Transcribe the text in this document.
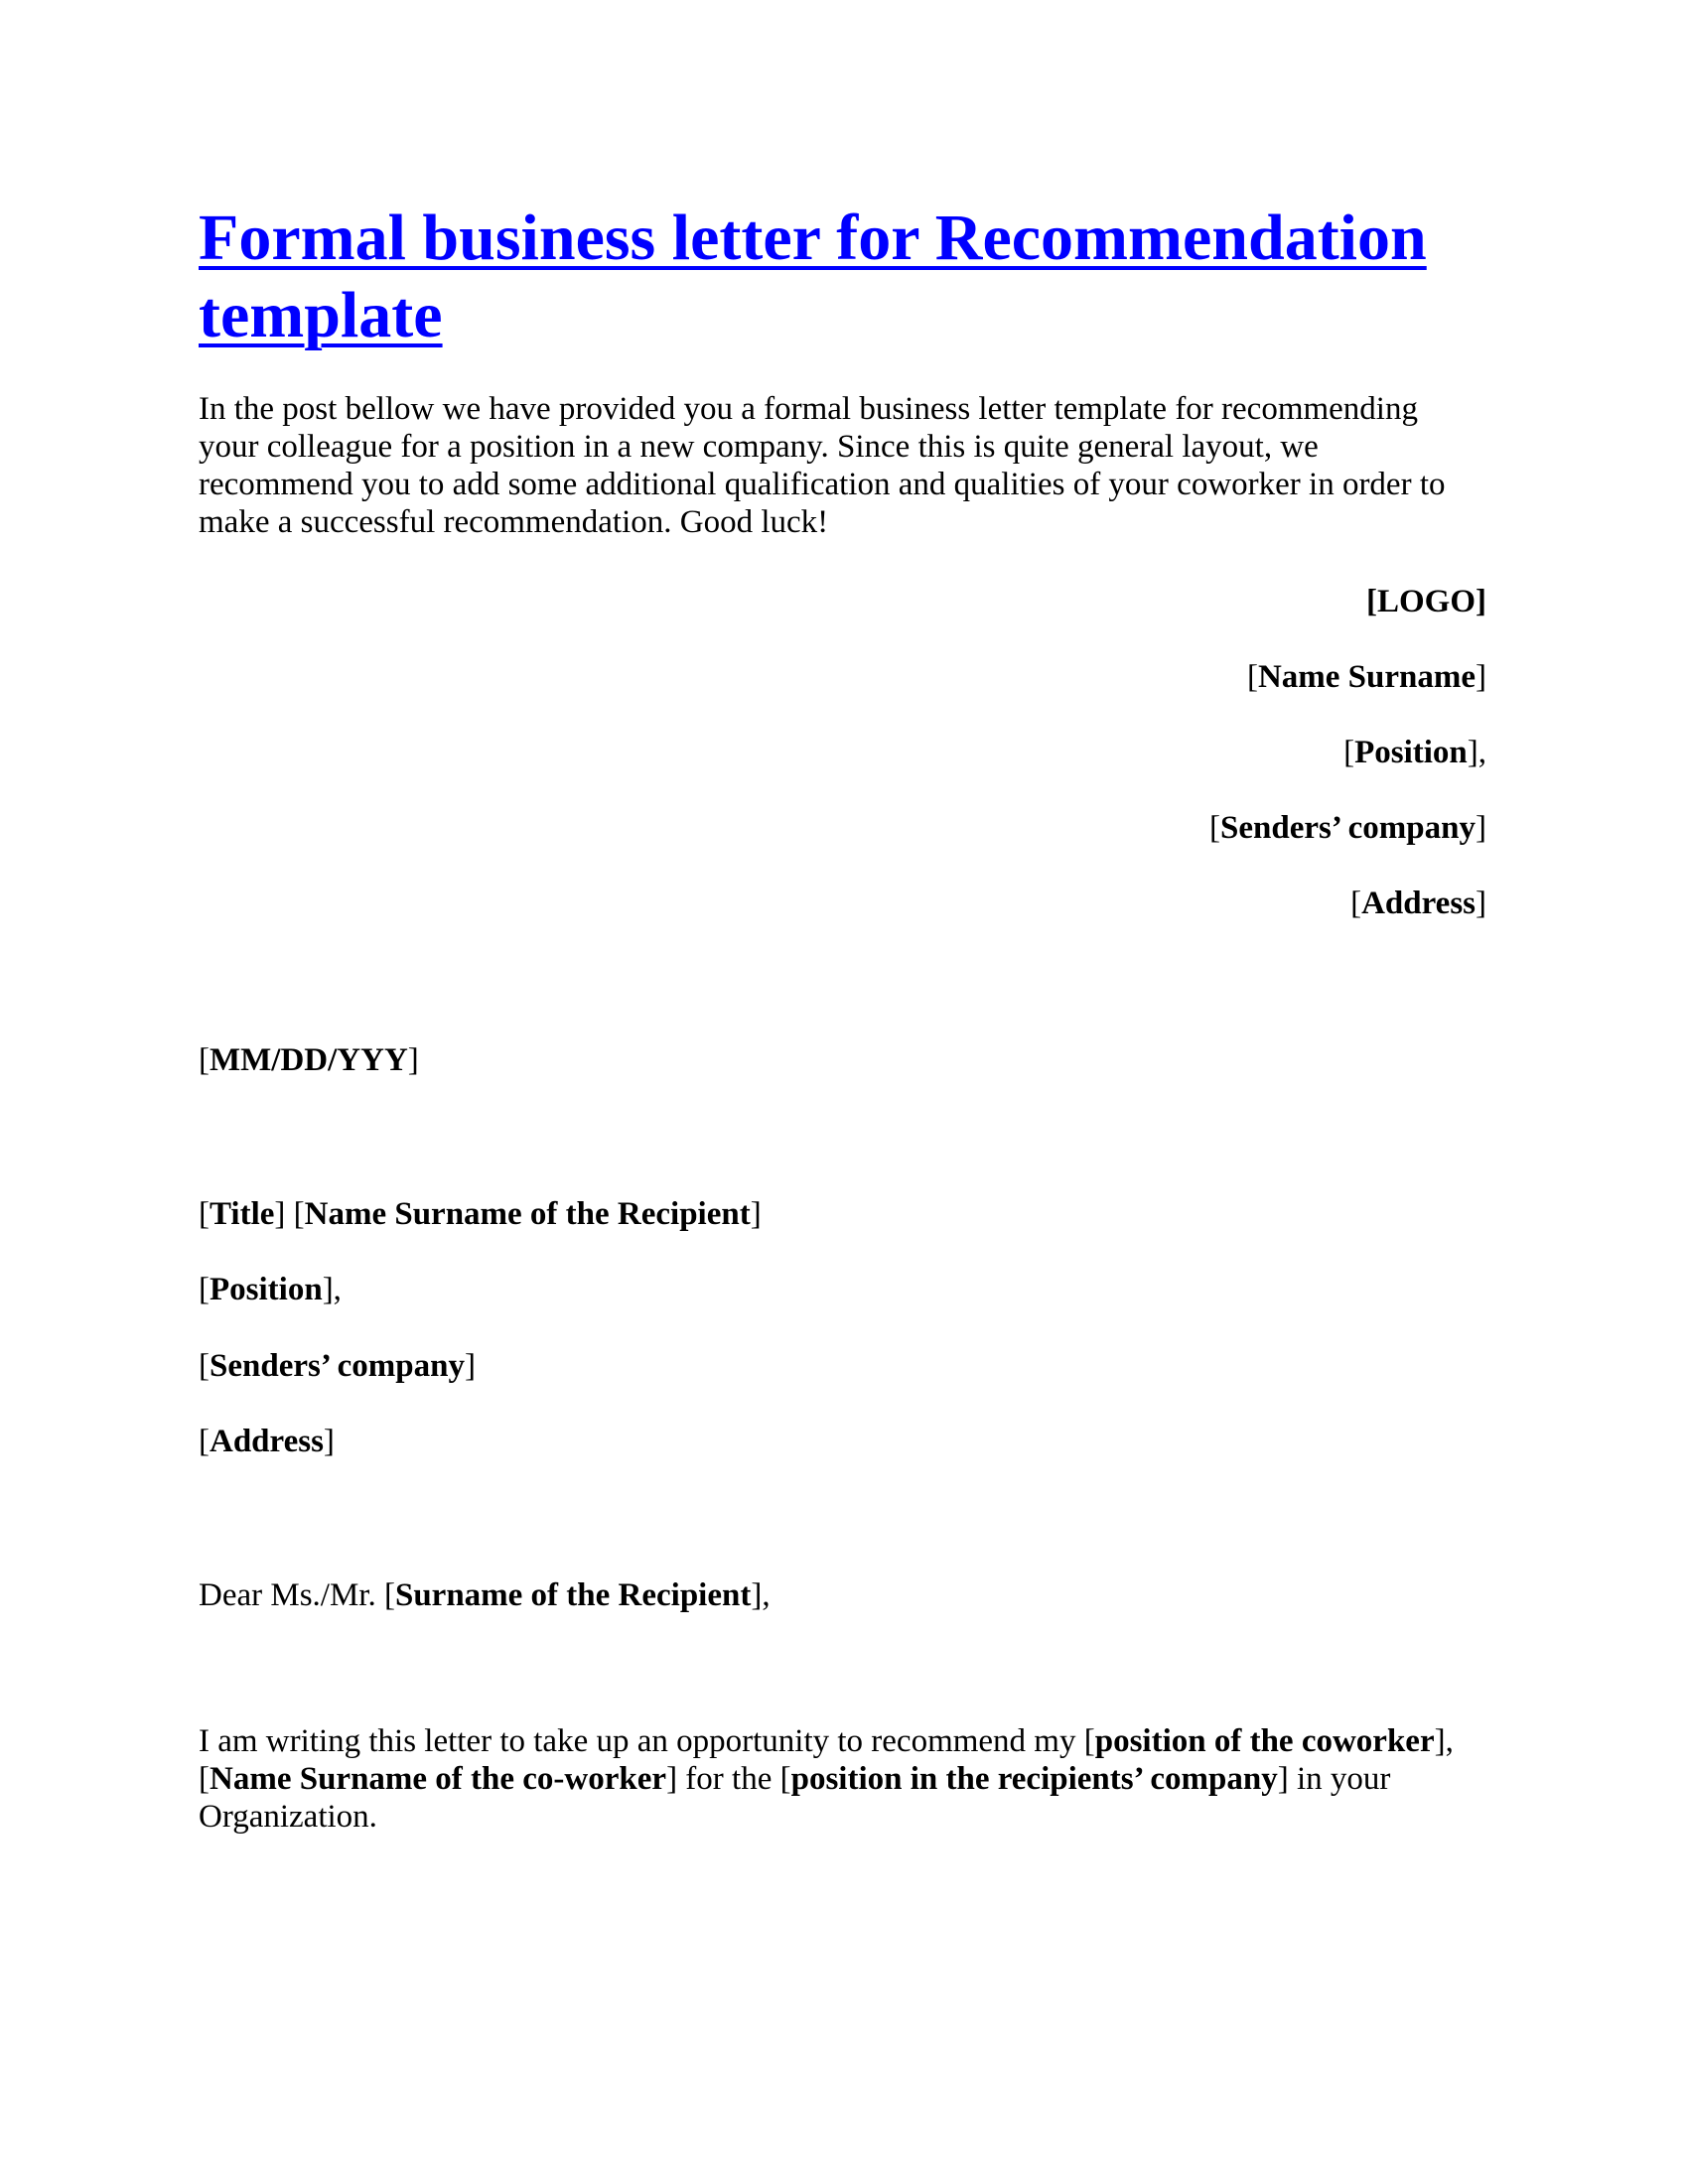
Formal business letter for Recommendation
template
In the post bellow we have provided you a formal business letter template for recommending
your colleague for a position in a new company. Since this is quite general layout, we
recommend you to add some additional qualification and qualities of your coworker in order to
make a successful recommendation. Good luck!
[LOGO]
[Name Surname]
[Position],
[Senders’ company]
[Address]
[MM/DD/YYY]
[Title] [Name Surname of the Recipient]
[Position],
[Senders’ company]
[Address]
Dear Ms./Mr. [Surname of the Recipient],
I am writing this letter to take up an opportunity to recommend my [position of the coworker],
[Name Surname of the co-worker] for the [position in the recipients’ company] in your
Organization.
